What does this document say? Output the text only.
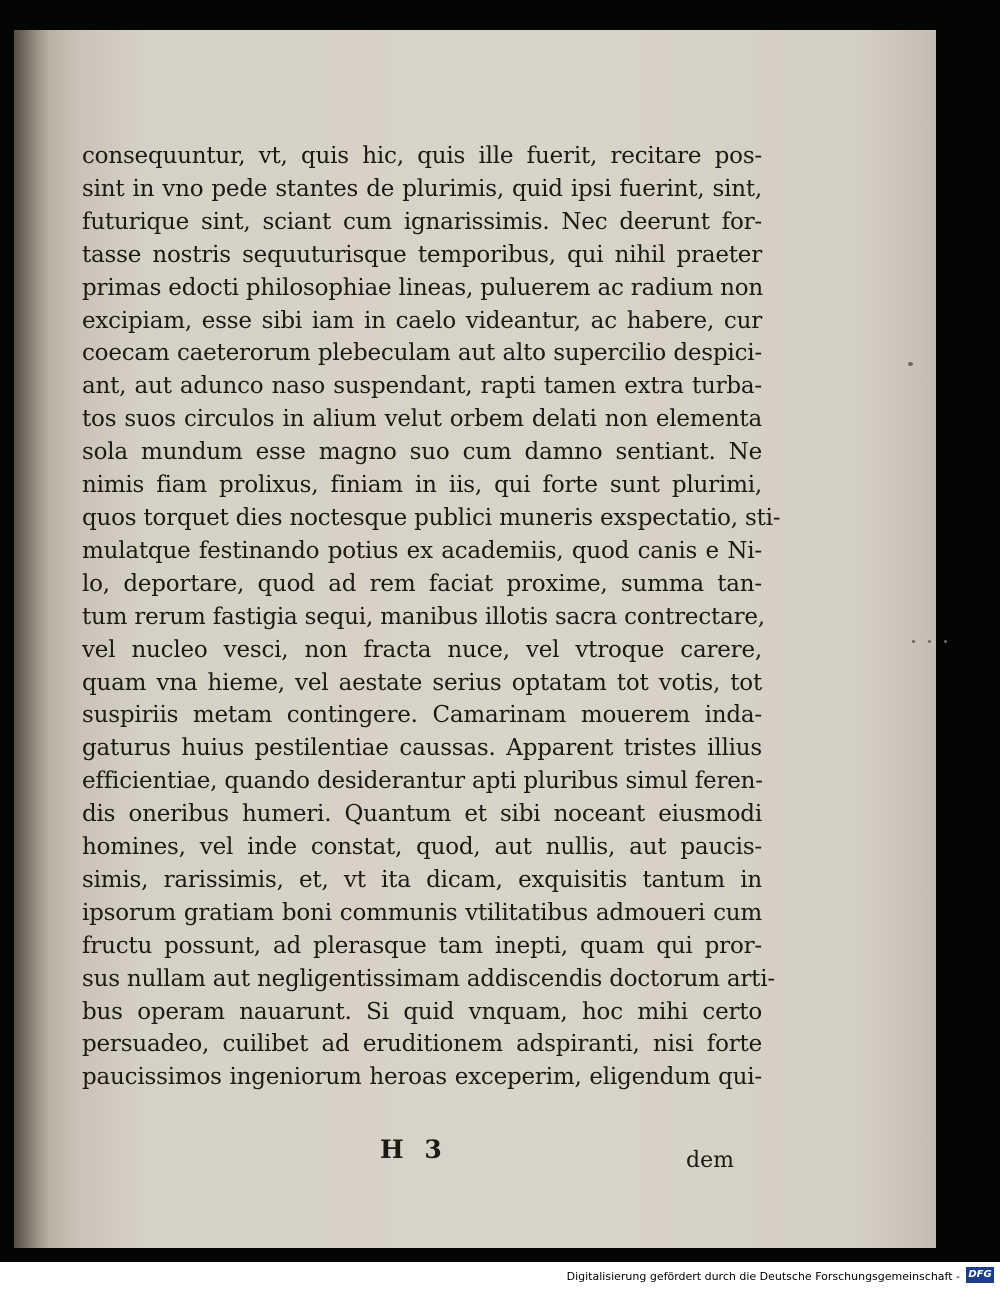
consequuntur, vt, quis hic, quis ille fuerit, recitare pos-
sint in vno pede stantes de plurimis, quid ipsi fuerint, sint,
futurique sint, sciant cum ignarissimis. Nec deerunt for-
tasse nostris sequuturisque temporibus, qui nihil praeter
primas edocti philosophiae lineas, puluerem ac radium non
excipiam, esse sibi iam in caelo videantur, ac habere, cur
coecam caeterorum plebeculam aut alto supercilio despici-
ant, aut adunco naso suspendant, rapti tamen extra turba-
tos suos circulos in alium velut orbem delati non elementa
sola mundum esse magno suo cum damno sentiant. Ne
nimis fiam prolixus, finiam in iis, qui forte sunt plurimi,
quos torquet dies noctesque publici muneris exspectatio, sti-
mulatque festinando potius ex academiis, quod canis e Ni-
lo, deportare, quod ad rem faciat proxime, summa tan-
tum rerum fastigia sequi, manibus illotis sacra contrectare,
vel nucleo vesci, non fracta nuce, vel vtroque carere,
quam vna hieme, vel aestate serius optatam tot votis, tot
suspiriis metam contingere. Camarinam mouerem inda-
gaturus huius pestilentiae caussas. Apparent tristes illius
efficientiae, quando desiderantur apti pluribus simul feren-
dis oneribus humeri. Quantum et sibi noceant eiusmodi
homines, vel inde constat, quod, aut nullis, aut paucis-
simis, rarissimis, et, vt ita dicam, exquisitis tantum in
ipsorum gratiam boni communis vtilitatibus admoueri cum
fructu possunt, ad plerasque tam inepti, quam qui pror-
sus nullam aut negligentissimam addiscendis doctorum arti-
bus operam nauarunt. Si quid vnquam, hoc mihi certo
persuadeo, cuilibet ad eruditionem adspiranti, nisi forte
paucissimos ingeniorum heroas exceperim, eligendum qui-
H 3	dem
Digitalisierung gefördert durch die Deutsche Forschungsgemeinschaft - DFG
